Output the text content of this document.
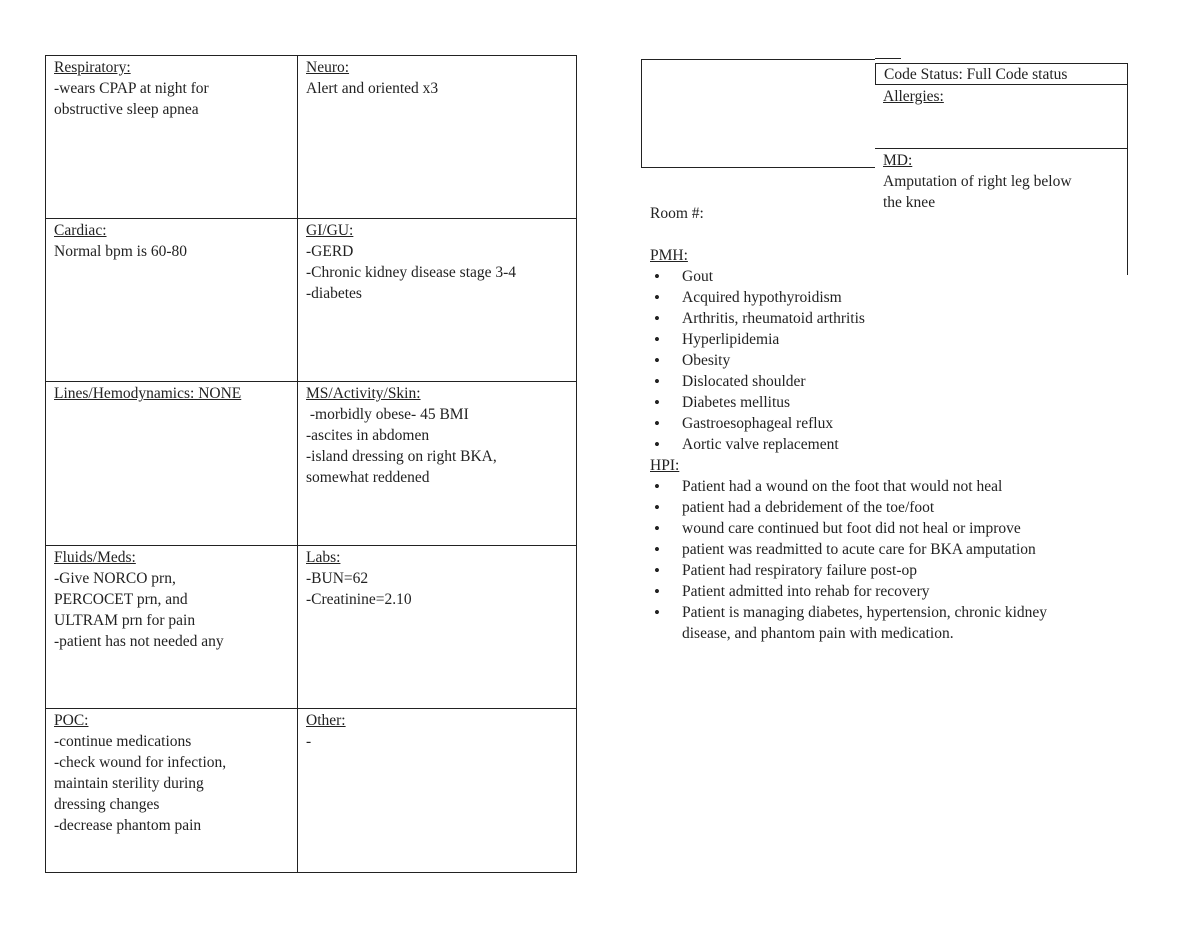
Respiratory:
-wears CPAP at night for
obstructive sleep apnea
Neuro:
Alert and oriented x3
Cardiac:
Normal bpm is 60-80
GI/GU:
-GERD
-Chronic kidney disease stage 3-4
-diabetes
Lines/Hemodynamics: NONE	MS/Activity/Skin:
-morbidly obese- 45 BMI
-ascites in abdomen
-island dressing on right BKA,
somewhat reddened
Fluids/Meds:
-Give NORCO prn,
PERCOCET prn, and
ULTRAM prn for pain
-patient has not needed any
Labs:
-BUN=62
-Creatinine=2.10
POC:
-continue medications
-check wound for infection,
maintain sterility during
dressing changes
-decrease phantom pain
Other:
-
Code Status: Full Code status
Allergies:
MD:
Amputation of right leg below
the knee
Room #:
PMH:
• Gout
• Acquired hypothyroidism
• Arthritis, rheumatoid arthritis
• Hyperlipidemia
• Obesity
• Dislocated shoulder
• Diabetes mellitus
• Gastroesophageal reflux
• Aortic valve replacement
HPI:
• Patient had a wound on the foot that would not heal
• patient had a debridement of the toe/foot
• wound care continued but foot did not heal or improve
• patient was readmitted to acute care for BKA amputation
• Patient had respiratory failure post-op
• Patient admitted into rehab for recovery
• Patient is managing diabetes, hypertension, chronic kidney
disease, and phantom pain with medication.
